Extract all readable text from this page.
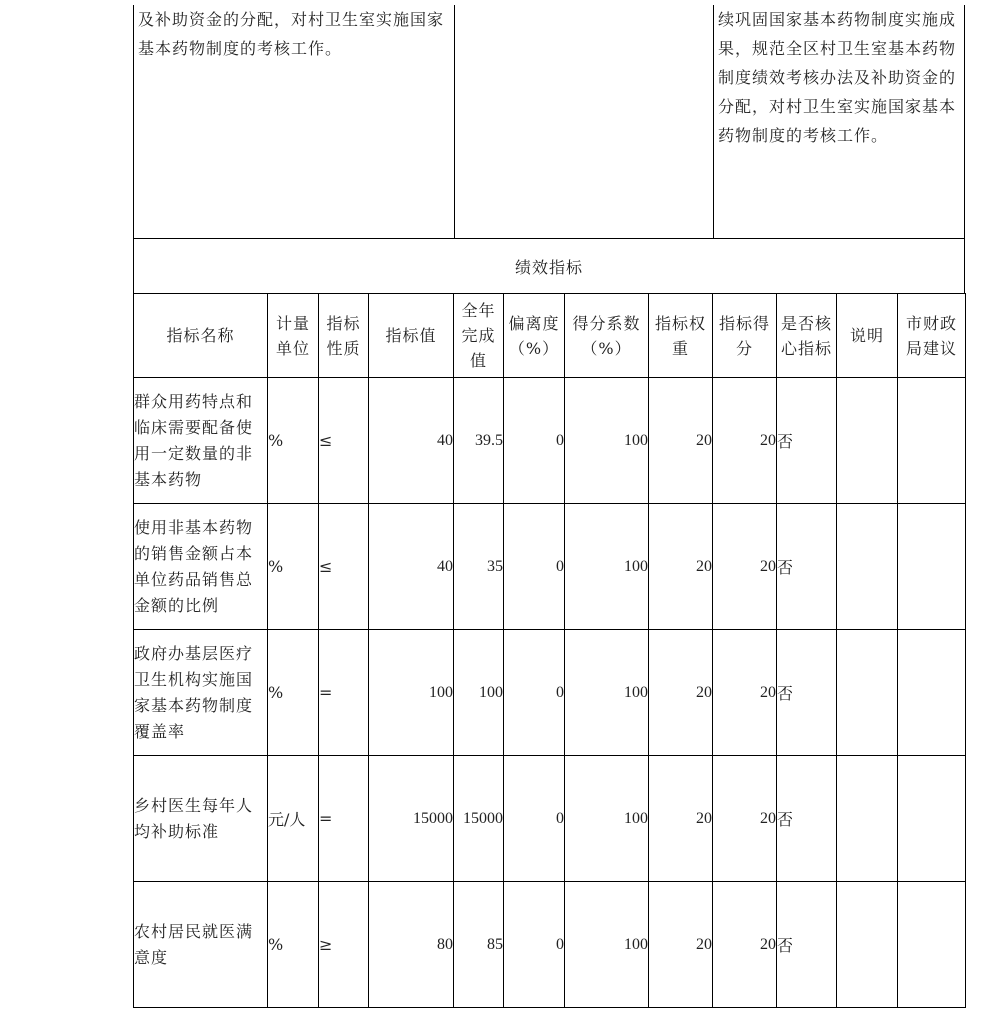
及补助资金的分配，对村卫生室实施国家基本药物制度的考核工作。
续巩固国家基本药物制度实施成果，规范全区村卫生室基本药物制度绩效考核办法及补助资金的分配，对村卫生室实施国家基本药物制度的考核工作。
绩效指标
指标名称	计量单位	指标性质	指标值	全年完成值	偏离度（%）	得分系数（%）	指标权重	指标得分	是否核心指标	说明	市财政局建议
群众用药特点和临床需要配备使用一定数量的非基本药物	%	≤	40	39.5	0	100	20	20	否		
使用非基本药物的销售金额占本单位药品销售总金额的比例	%	≤	40	35	0	100	20	20	否		
政府办基层医疗卫生机构实施国家基本药物制度覆盖率	%	=	100	100	0	100	20	20	否		
乡村医生每年人均补助标准	元/人	=	15000	15000	0	100	20	20	否		
农村居民就医满意度	%	≥	80	85	0	100	20	20	否		
